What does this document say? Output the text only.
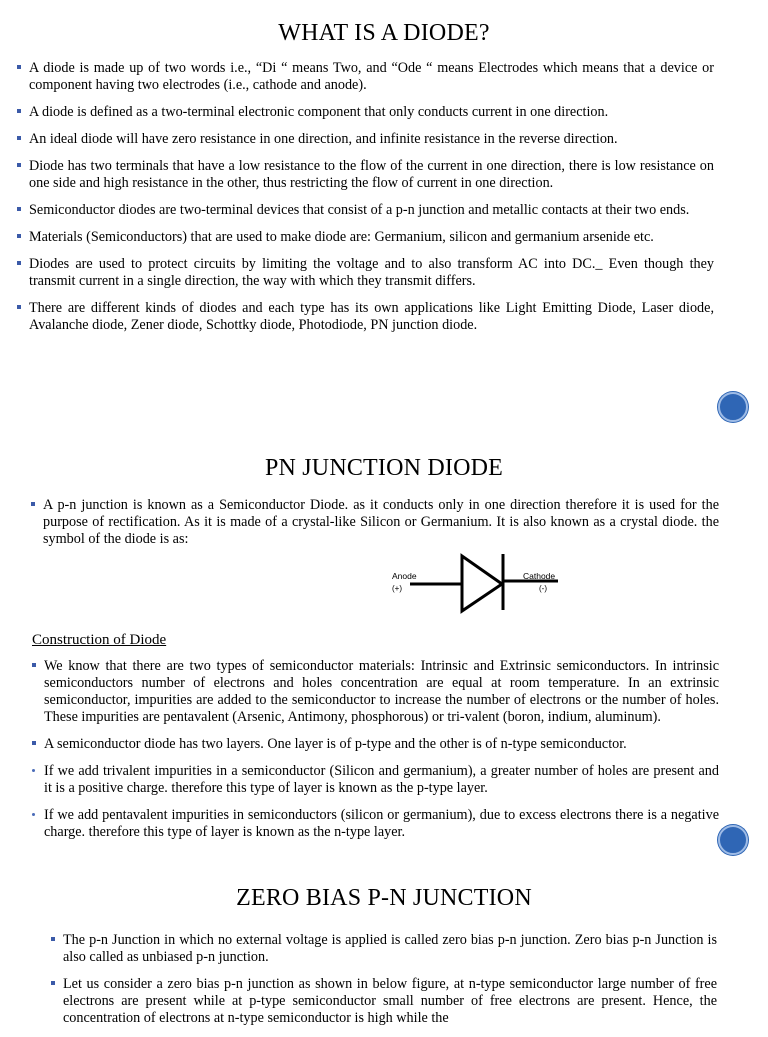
WHAT IS A DIODE?
A diode is made up of two words i.e., “Di “ means Two, and “Ode “ means Electrodes which means that a device or component having two electrodes (i.e., cathode and anode).
A diode is defined as a two-terminal electronic component that only conducts current in one direction.
An ideal diode will have zero resistance in one direction, and infinite resistance in the reverse direction.
Diode has two terminals that have a low resistance to the flow of the current in one direction, there is low resistance on one side and high resistance in the other, thus restricting the flow of current in one direction.
Semiconductor diodes are two-terminal devices that consist of a p-n junction and metallic contacts at their two ends.
Materials (Semiconductors) that are used to make diode are: Germanium, silicon and germanium arsenide etc.
Diodes are used to protect circuits by limiting the voltage and to also transform AC into DC._ Even though they transmit current in a single direction, the way with which they transmit differs.
There are different kinds of diodes and each type has its own applications like Light Emitting Diode, Laser diode, Avalanche diode, Zener diode, Schottky diode, Photodiode, PN junction diode.
PN JUNCTION DIODE
A p-n junction is known as a Semiconductor Diode. as it conducts only in one direction therefore it is used for the purpose of rectification. As it is made of a crystal-like Silicon or Germanium. It is also known as a crystal diode. the symbol of the diode is as:
Anode
(+)
Cathode
(-)
Construction of Diode
We know that there are two types of semiconductor materials: Intrinsic and Extrinsic semiconductors. In intrinsic semiconductors number of electrons and holes concentration are equal at room temperature. In an extrinsic semiconductor, impurities are added to the semiconductor to increase the number of electrons or the number of holes. These impurities are pentavalent (Arsenic, Antimony, phosphorous) or tri-valent (boron, indium, aluminum).
A semiconductor diode has two layers. One layer is of p-type and the other is of n-type semiconductor.
If we add trivalent impurities in a semiconductor (Silicon and germanium), a greater number of holes are present and it is a positive charge. therefore this type of layer is known as the p-type layer.
If we add pentavalent impurities in semiconductors (silicon or germanium), due to excess electrons there is a negative charge. therefore this type of layer is known as the n-type layer.
ZERO BIAS P-N JUNCTION
The p-n Junction in which no external voltage is applied is called zero bias p-n junction. Zero bias p-n Junction is also called as unbiased p-n junction.
Let us consider a zero bias p-n junction as shown in below figure, at n-type semiconductor large number of free electrons are present while at p-type semiconductor small number of free electrons are present. Hence, the concentration of electrons at n-type semiconductor is high while the
